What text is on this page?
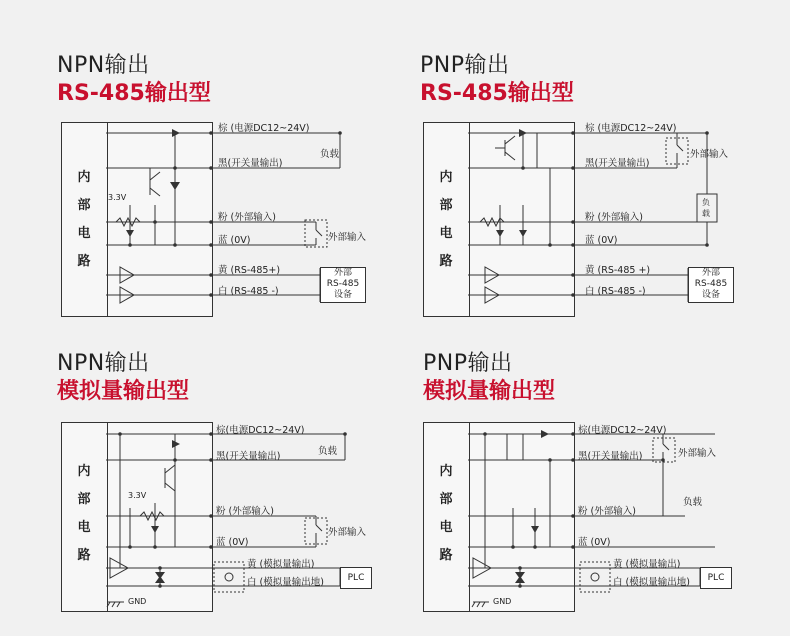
NPN输出
RS-485输出型
内
部
电
路
3.3V
棕 (电源DC12~24V)
黑(开关量输出)
粉 (外部输入)
蓝 (0V)
黄 (RS-485+)
白 (RS-485 -)
负载
外部输入
外部
RS-485
设备
PNP输出
RS-485输出型
内
部
电
路
棕 (电源DC12~24V)
黑(开关量输出)
粉 (外部输入)
蓝 (0V)
黄 (RS-485 +)
白 (RS-485 -)
外部输入
负
载
外部
RS-485
设备
NPN输出
模拟量输出型
内
部
电
路
3.3V
GND
棕(电源DC12~24V)
黑(开关量输出)
粉 (外部输入)
蓝 (0V)
黄 (模拟量输出)
白 (模拟量输出地)
负载
外部输入
PLC
PNP输出
模拟量输出型
内
部
电
路
GND
棕(电源DC12~24V)
黑(开关量输出)
粉 (外部输入)
蓝 (0V)
黄 (模拟量输出)
白 (模拟量输出地)
外部输入
负载
PLC
